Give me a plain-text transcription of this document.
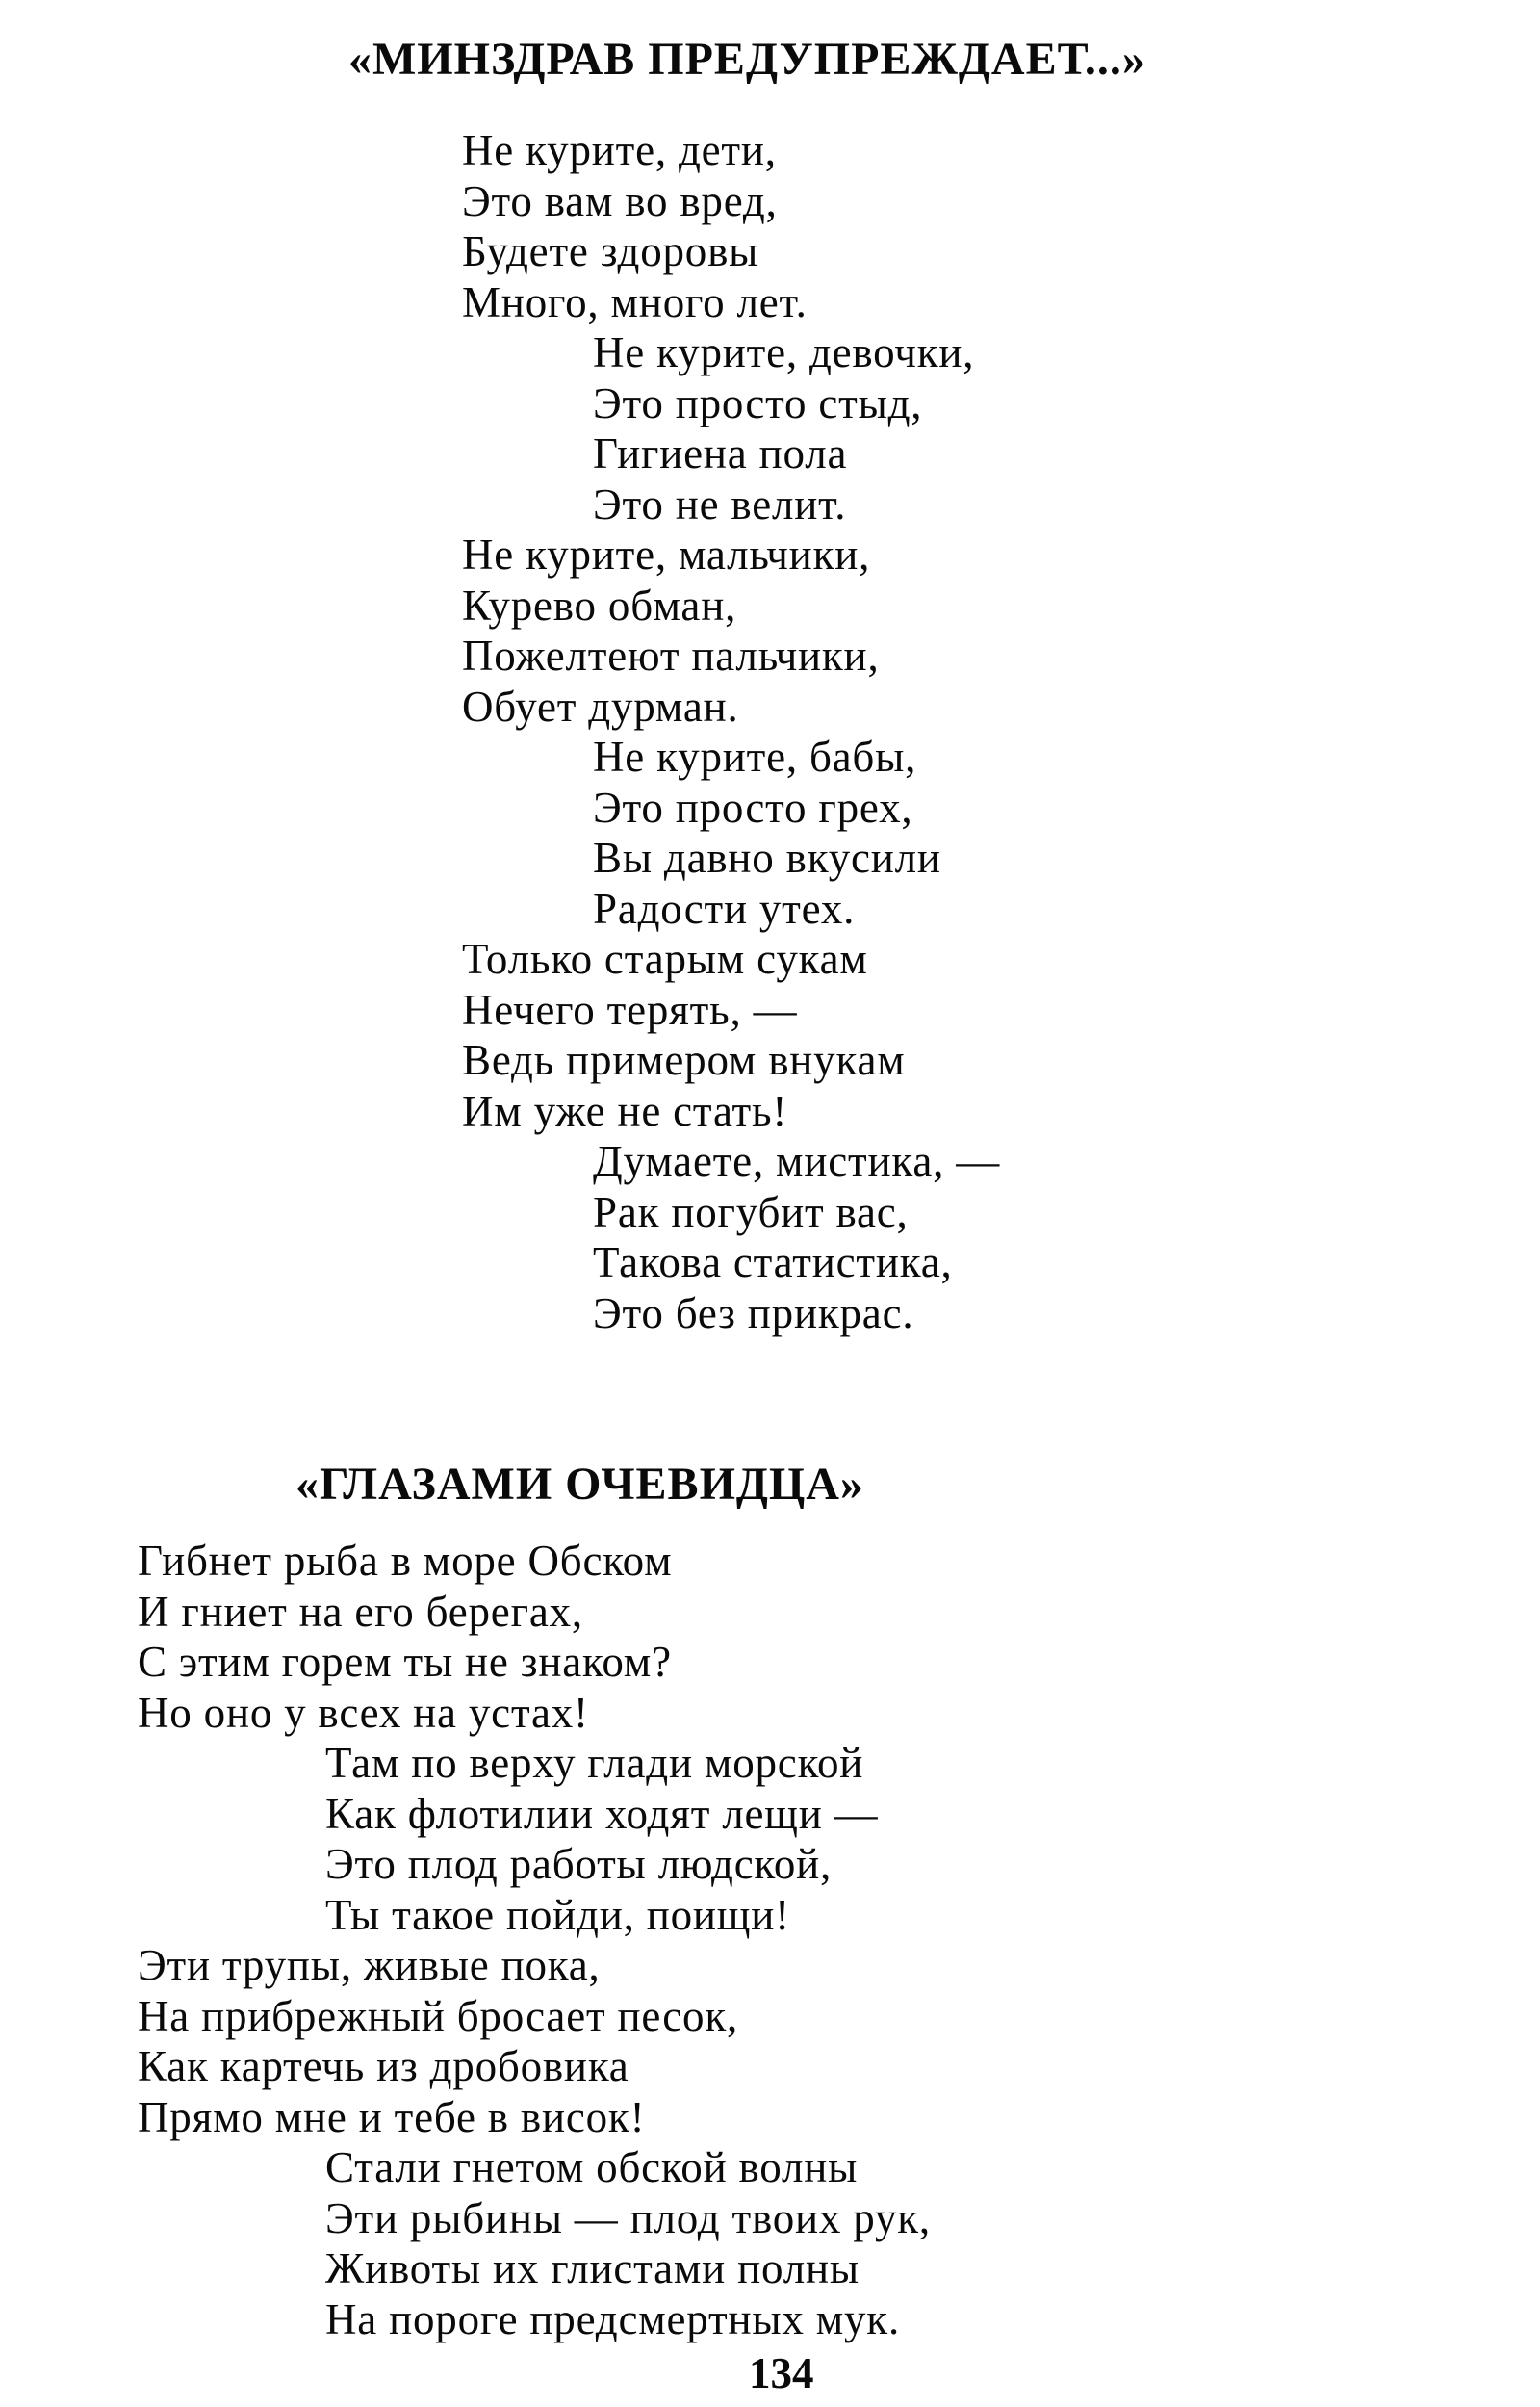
«МИНЗДРАВ ПРЕДУПРЕЖДАЕТ...»
Не курите, дети,
Это вам во вред,
Будете здоровы
Много, много лет.
Не курите, девочки,
Это просто стыд,
Гигиена пола
Это не велит.
Не курите, мальчики,
Курево обман,
Пожелтеют пальчики,
Обует дурман.
Не курите, бабы,
Это просто грех,
Вы давно вкусили
Радости утех.
Только старым сукам
Нечего терять, —
Ведь примером внукам
Им уже не стать!
Думаете, мистика, —
Рак погубит вас,
Такова статистика,
Это без прикрас.
«ГЛАЗАМИ ОЧЕВИДЦА»
Гибнет рыба в море Обском
И гниет на его берегах,
С этим горем ты не знаком?
Но оно у всех на устах!
Там по верху глади морской
Как флотилии ходят лещи —
Это плод работы людской,
Ты такое пойди, поищи!
Эти трупы, живые пока,
На прибрежный бросает песок,
Как картечь из дробовика
Прямо мне и тебе в висок!
Стали гнетом обской волны
Эти рыбины — плод твоих рук,
Животы их глистами полны
На пороге предсмертных мук.
134
